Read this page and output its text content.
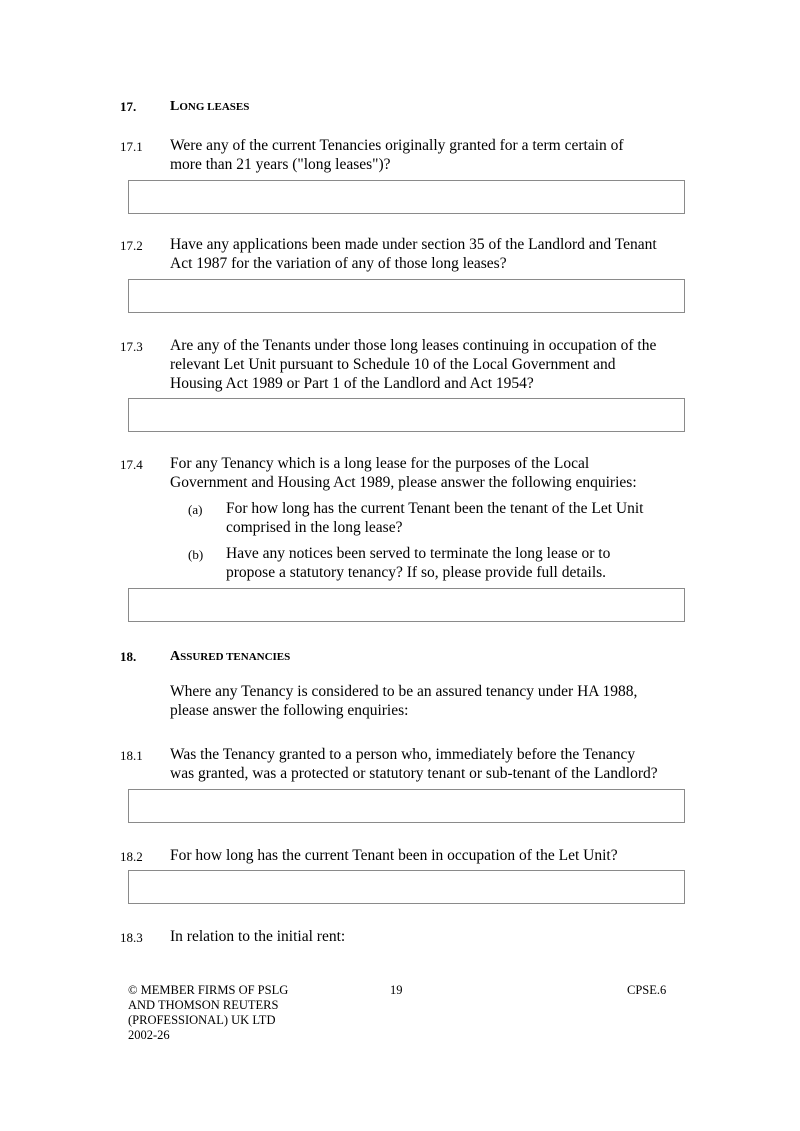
17. LONG LEASES
17.1 Were any of the current Tenancies originally granted for a term certain of
more than 21 years ("long leases")?
17.2 Have any applications been made under section 35 of the Landlord and Tenant
Act 1987 for the variation of any of those long leases?
17.3 Are any of the Tenants under those long leases continuing in occupation of the
relevant Let Unit pursuant to Schedule 10 of the Local Government and
Housing Act 1989 or Part 1 of the Landlord and Act 1954?
17.4 For any Tenancy which is a long lease for the purposes of the Local
Government and Housing Act 1989, please answer the following enquiries:
(a) For how long has the current Tenant been the tenant of the Let Unit
comprised in the long lease?
(b) Have any notices been served to terminate the long lease or to
propose a statutory tenancy? If so, please provide full details.
18. ASSURED TENANCIES
Where any Tenancy is considered to be an assured tenancy under HA 1988,
please answer the following enquiries:
18.1 Was the Tenancy granted to a person who, immediately before the Tenancy
was granted, was a protected or statutory tenant or sub-tenant of the Landlord?
18.2 For how long has the current Tenant been in occupation of the Let Unit?
18.3 In relation to the initial rent:
© MEMBER FIRMS OF PSLG
AND THOMSON REUTERS
(PROFESSIONAL) UK LTD
2002-26
19	CPSE.6
